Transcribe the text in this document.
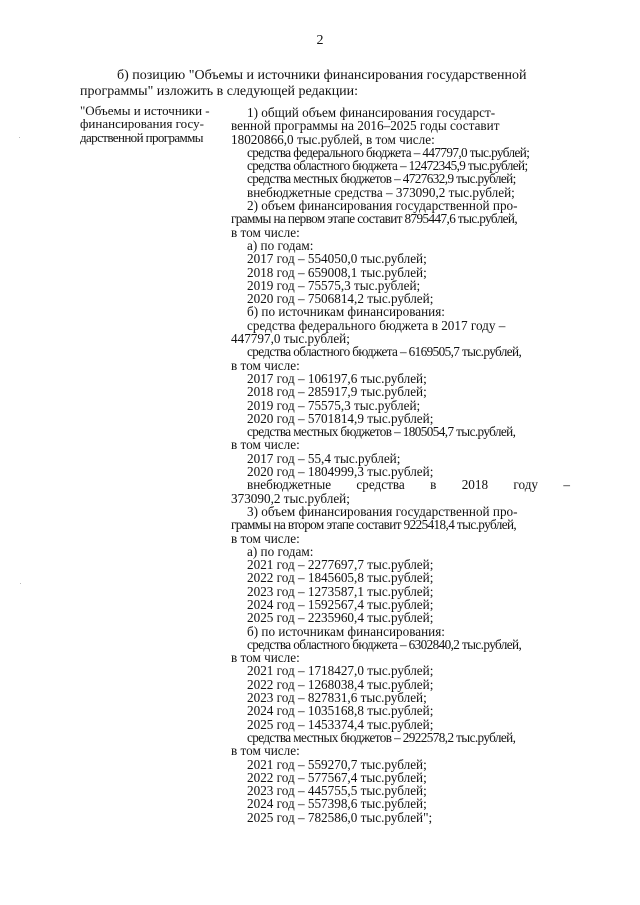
2
б) позицию "Объемы и источники финансирования государственной
программы" изложить в следующей редакции:
"Объемы и источники -
финансирования госу-
дарственной программы
1) общий объем финансирования государст-
венной программы на 2016–2025 годы составит
18020866,0 тыс.рублей, в том числе:
средства федерального бюджета – 447797,0 тыс.рублей;
средства областного бюджета – 12472345,9 тыс.рублей;
средства местных бюджетов – 4727632,9 тыс.рублей;
внебюджетные средства – 373090,2 тыс.рублей;
2) объем финансирования государственной про-
граммы на первом этапе составит 8795447,6 тыс.рублей,
в том числе:
а) по годам:
2017 год – 554050,0 тыс.рублей;
2018 год – 659008,1 тыс.рублей;
2019 год – 75575,3 тыс.рублей;
2020 год – 7506814,2 тыс.рублей;
б) по источникам финансирования:
средства федерального бюджета в 2017 году –
447797,0 тыс.рублей;
средства областного бюджета – 6169505,7 тыс.рублей,
в том числе:
2017 год – 106197,6 тыс.рублей;
2018 год – 285917,9 тыс.рублей;
2019 год – 75575,3 тыс.рублей;
2020 год – 5701814,9 тыс.рублей;
средства местных бюджетов – 1805054,7 тыс.рублей,
в том числе:
2017 год – 55,4 тыс.рублей;
2020 год – 1804999,3 тыс.рублей;
внебюджетные средства в 2018 году –
373090,2 тыс.рублей;
3) объем финансирования государственной про-
граммы на втором этапе составит 9225418,4 тыс.рублей,
в том числе:
а) по годам:
2021 год – 2277697,7 тыс.рублей;
2022 год – 1845605,8 тыс.рублей;
2023 год – 1273587,1 тыс.рублей;
2024 год – 1592567,4 тыс.рублей;
2025 год – 2235960,4 тыс.рублей;
б) по источникам финансирования:
средства областного бюджета – 6302840,2 тыс.рублей,
в том числе:
2021 год – 1718427,0 тыс.рублей;
2022 год – 1268038,4 тыс.рублей;
2023 год – 827831,6 тыс.рублей;
2024 год – 1035168,8 тыс.рублей;
2025 год – 1453374,4 тыс.рублей;
средства местных бюджетов – 2922578,2 тыс.рублей,
в том числе:
2021 год – 559270,7 тыс.рублей;
2022 год – 577567,4 тыс.рублей;
2023 год – 445755,5 тыс.рублей;
2024 год – 557398,6 тыс.рублей;
2025 год – 782586,0 тыс.рублей";
